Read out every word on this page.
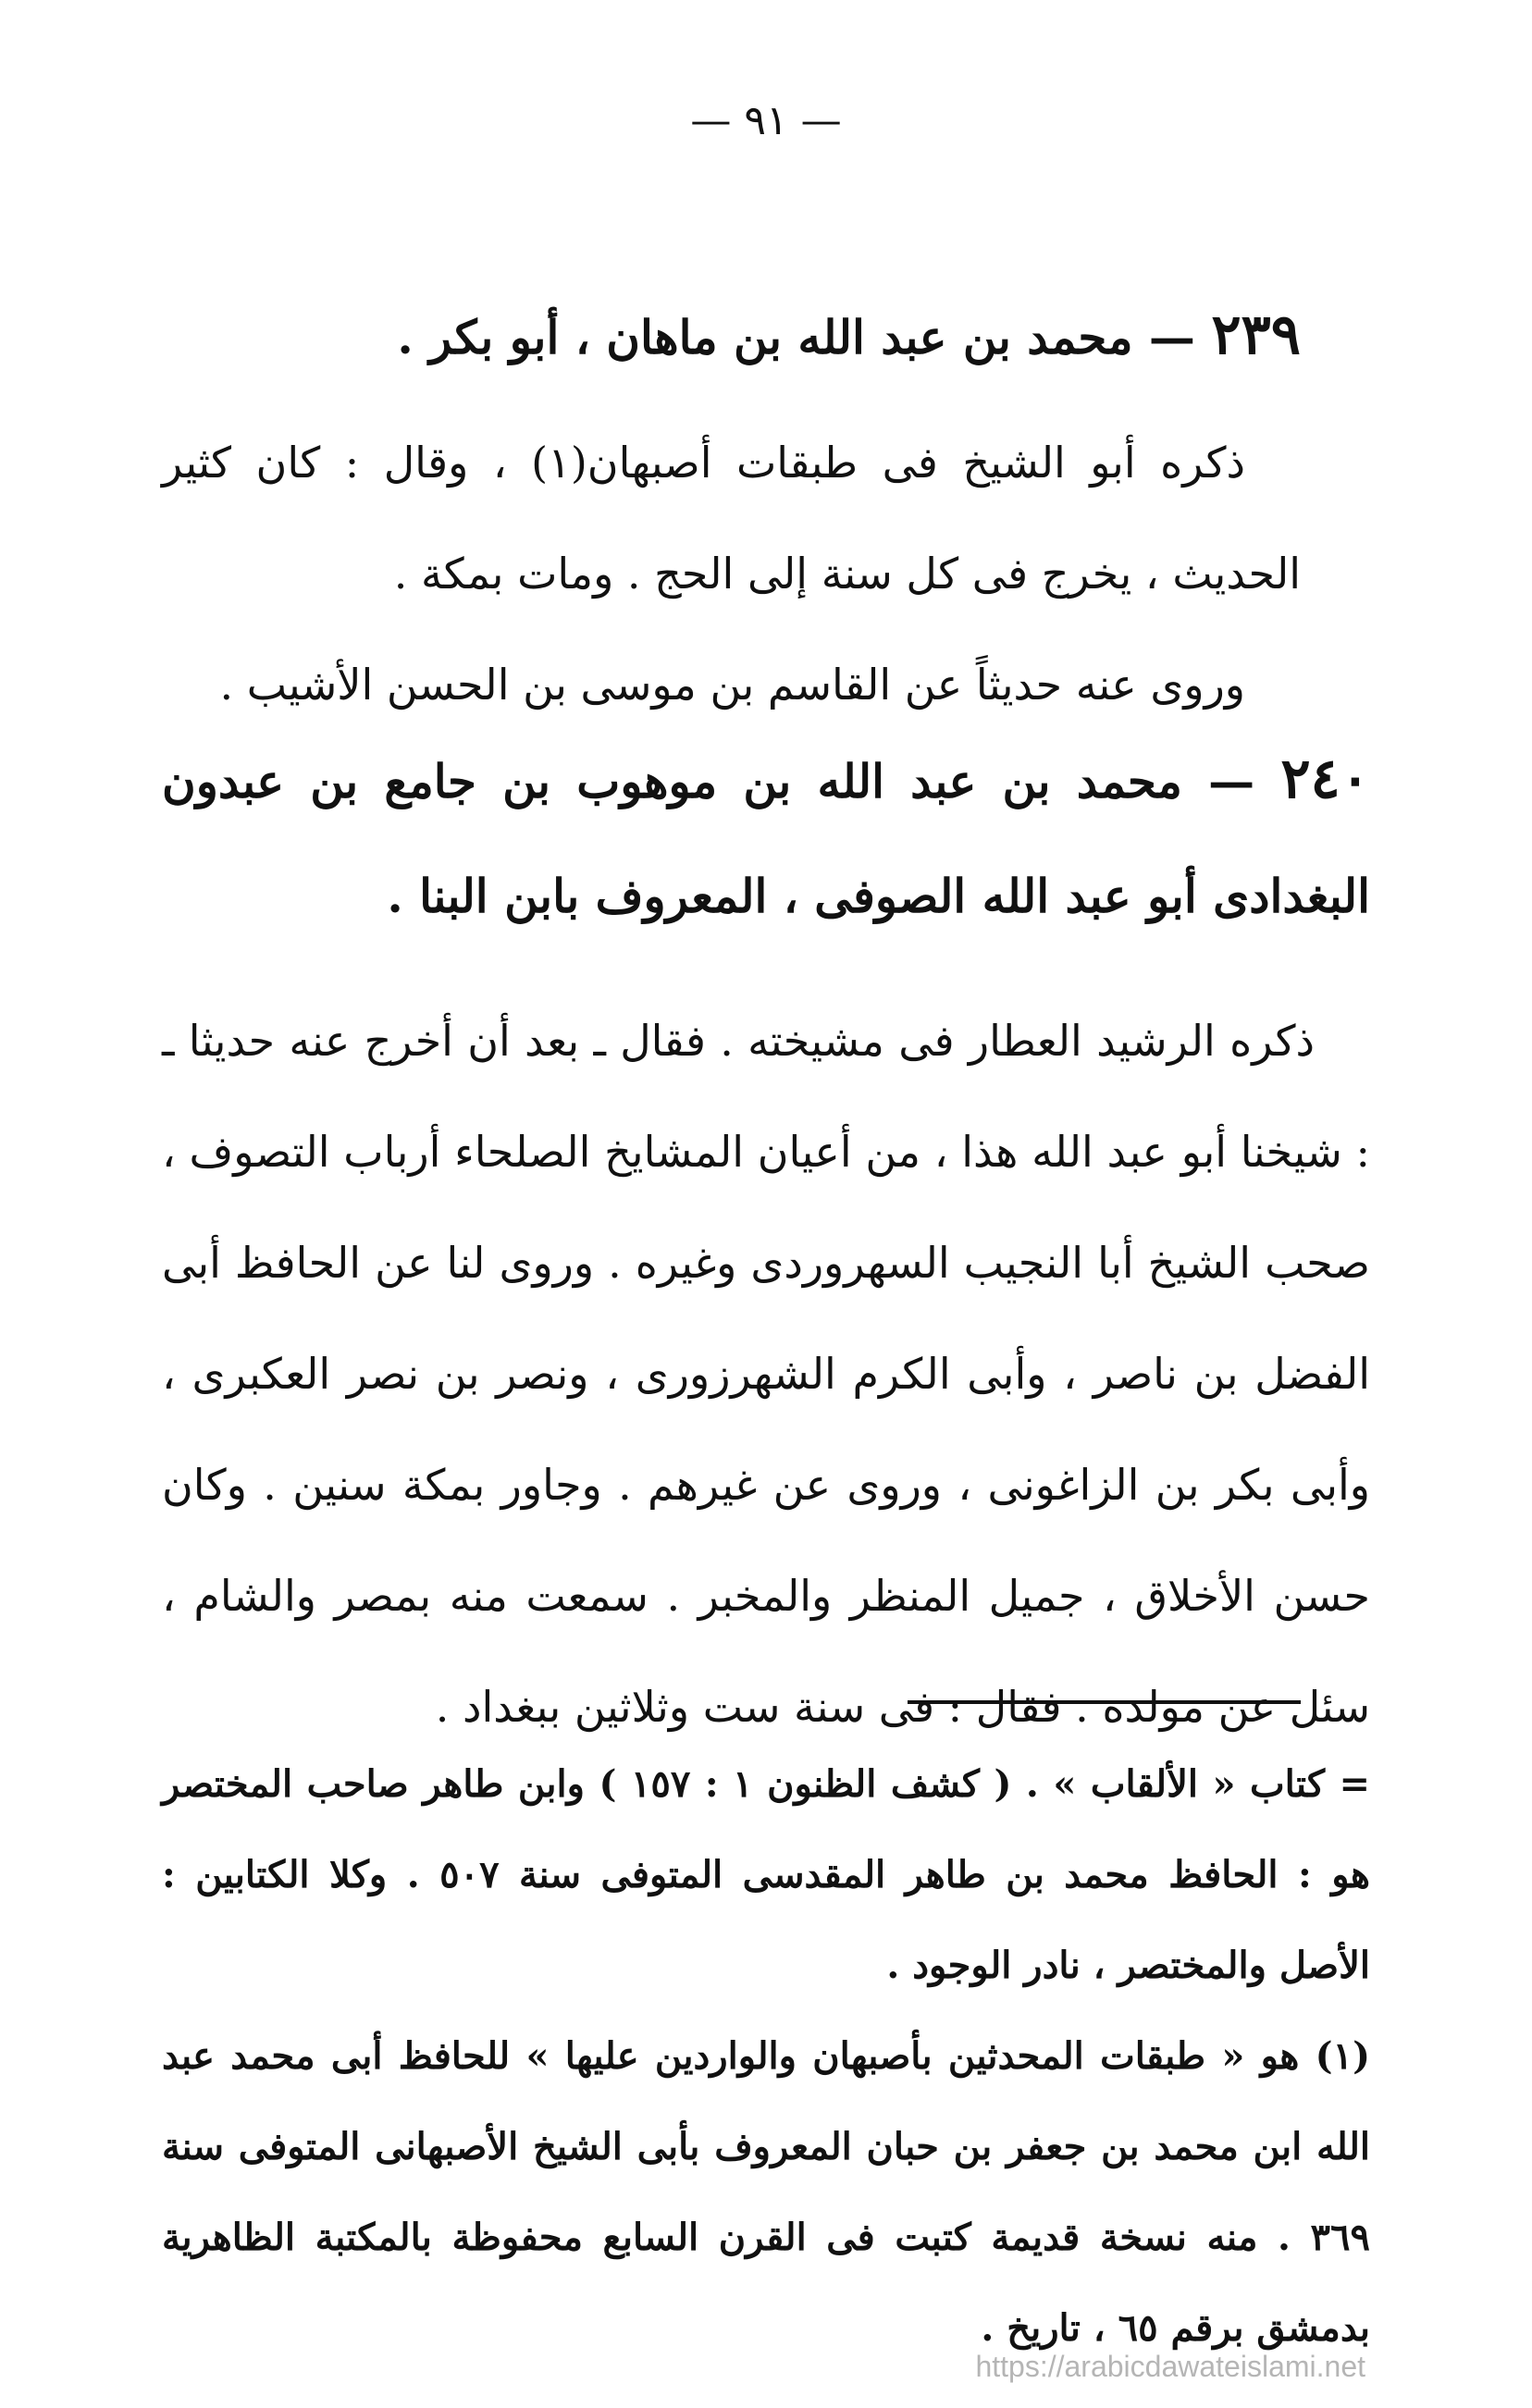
— ٩١ —
٢٣٩ — محمد بن عبد الله بن ماهان ، أبو بكر .

ذكره أبو الشيخ فى طبقات أصبهان(١) ، وقال : كان كثير الحديث ، يخرج فى كل سنة إلى الحج . ومات بمكة .

وروى عنه حديثاً عن القاسم بن موسى بن الحسن الأشيب .

٢٤٠ — محمد بن عبد الله بن موهوب بن جامع بن عبدون البغدادى أبو عبد الله الصوفى ، المعروف بابن البنا .

ذكره الرشيد العطار فى مشيخته . فقال ـ بعد أن أخرج عنه حديثا ـ : شيخنا أبو عبد الله هذا ، من أعيان المشايخ الصلحاء أرباب التصوف ، صحب الشيخ أبا النجيب السهروردى وغيره . وروى لنا عن الحافظ أبى الفضل بن ناصر ، وأبى الكرم الشهرزورى ، ونصر بن نصر العكبرى ، وأبى بكر بن الزاغونى ، وروى عن غيرهم . وجاور بمكة سنين . وكان حسن الأخلاق ، جميل المنظر والمخبر . سمعت منه بمصر والشام ، سئل عن مولده . فقال : فى سنة ست وثلاثين ببغداد .

= كتاب « الألقاب » . ( كشف الظنون ١ : ١٥٧ ) وابن طاهر صاحب المختصر هو : الحافظ محمد بن طاهر المقدسى المتوفى سنة ٥٠٧ . وكلا الكتابين : الأصل والمختصر ، نادر الوجود .

(١) هو « طبقات المحدثين بأصبهان والواردين عليها » للحافظ أبى محمد عبد الله ابن محمد بن جعفر بن حبان المعروف بأبى الشيخ الأصبهانى المتوفى سنة ٣٦٩ . منه نسخة قديمة كتبت فى القرن السابع محفوظة بالمكتبة الظاهرية بدمشق برقم ٦٥ ، تاريخ .

https://arabicdawateislami.net
